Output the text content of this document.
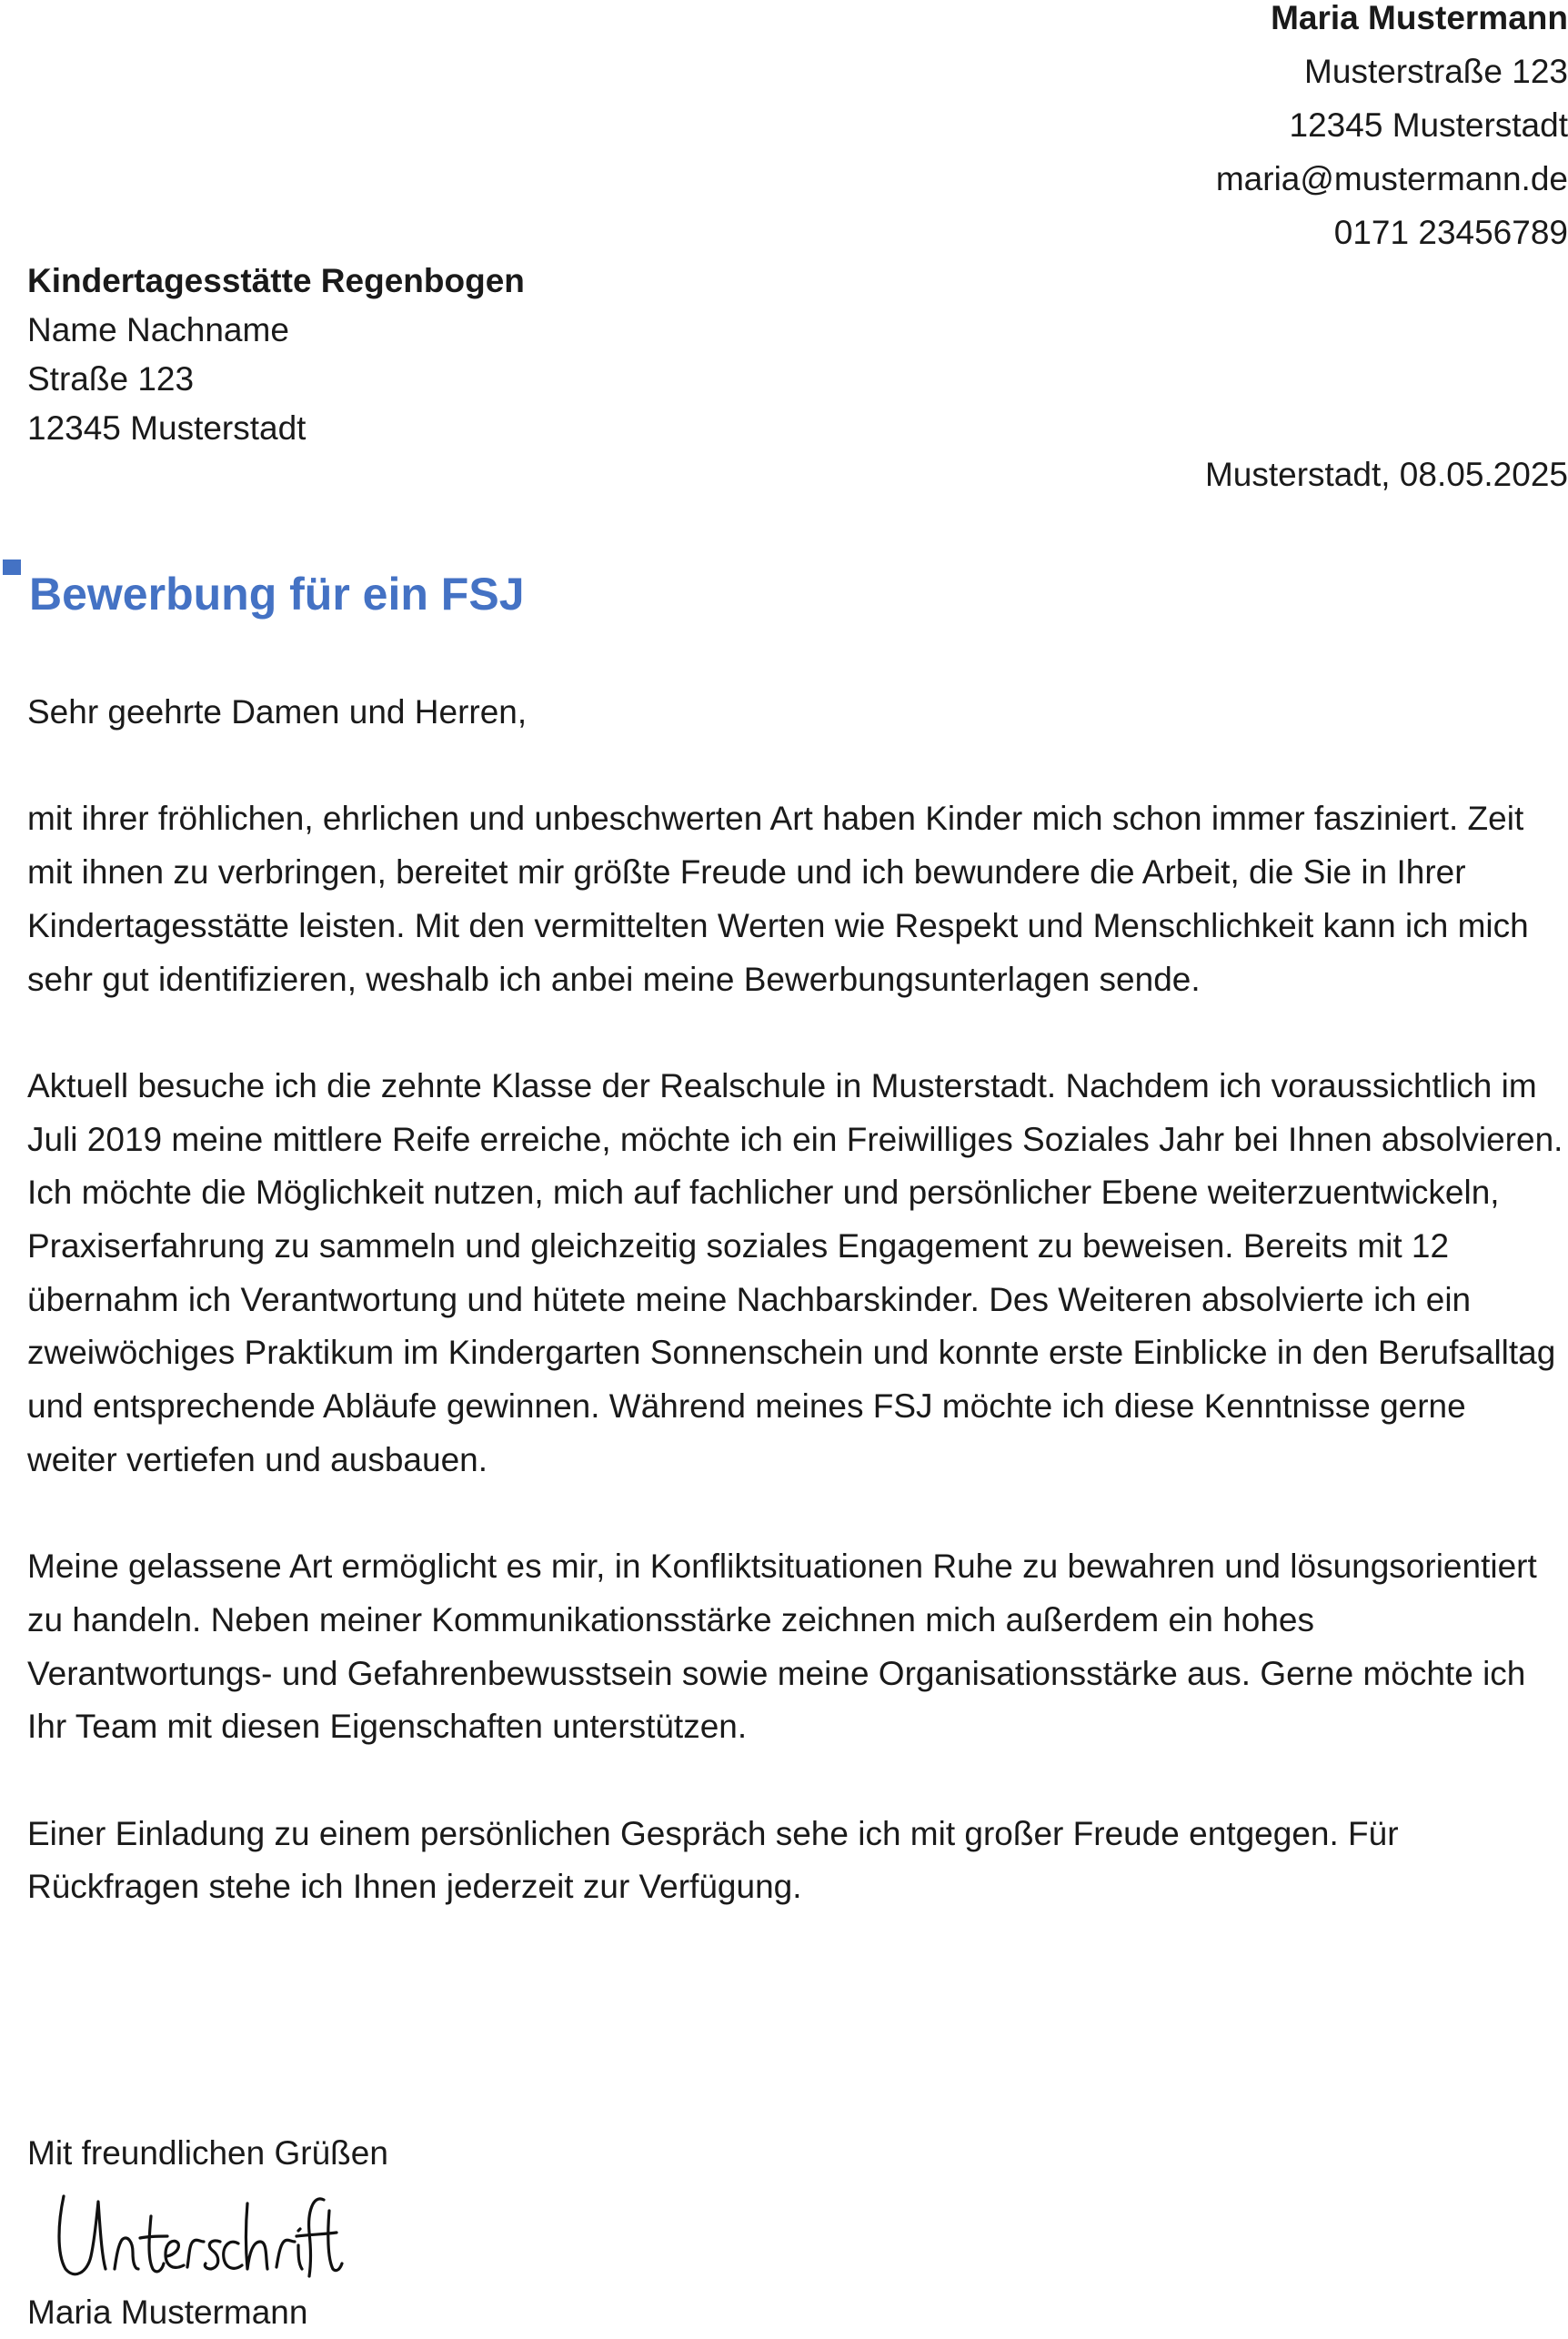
Maria Mustermann
Musterstraße 123
12345 Musterstadt
maria@mustermann.de
0171 23456789
Kindertagesstätte Regenbogen
Name Nachname
Straße 123
12345 Musterstadt
Musterstadt, 08.05.2025
Bewerbung für ein FSJ

Sehr geehrte Damen und Herren,

mit ihrer fröhlichen, ehrlichen und unbeschwerten Art haben Kinder mich schon immer fasziniert. Zeit mit ihnen zu verbringen, bereitet mir größte Freude und ich bewundere die Arbeit, die Sie in Ihrer Kindertagesstätte leisten. Mit den vermittelten Werten wie Respekt und Menschlichkeit kann ich mich sehr gut identifizieren, weshalb ich anbei meine Bewerbungsunterlagen sende.

Aktuell besuche ich die zehnte Klasse der Realschule in Musterstadt. Nachdem ich voraussichtlich im Juli 2019 meine mittlere Reife erreiche, möchte ich ein Freiwilliges Soziales Jahr bei Ihnen absolvieren. Ich möchte die Möglichkeit nutzen, mich auf fachlicher und persönlicher Ebene weiterzuentwickeln, Praxiserfahrung zu sammeln und gleichzeitig soziales Engagement zu beweisen. Bereits mit 12 übernahm ich Verantwortung und hütete meine Nachbarskinder. Des Weiteren absolvierte ich ein zweiwöchiges Praktikum im Kindergarten Sonnenschein und konnte erste Einblicke in den Berufsalltag und entsprechende Abläufe gewinnen. Während meines FSJ möchte ich diese Kenntnisse gerne weiter vertiefen und ausbauen.

Meine gelassene Art ermöglicht es mir, in Konfliktsituationen Ruhe zu bewahren und lösungsorientiert zu handeln. Neben meiner Kommunikationsstärke zeichnen mich außerdem ein hohes Verantwortungs- und Gefahrenbewusstsein sowie meine Organisationsstärke aus. Gerne möchte ich Ihr Team mit diesen Eigenschaften unterstützen.

Einer Einladung zu einem persönlichen Gespräch sehe ich mit großer Freude entgegen. Für Rückfragen stehe ich Ihnen jederzeit zur Verfügung.

Mit freundlichen Grüßen
Maria Mustermann
